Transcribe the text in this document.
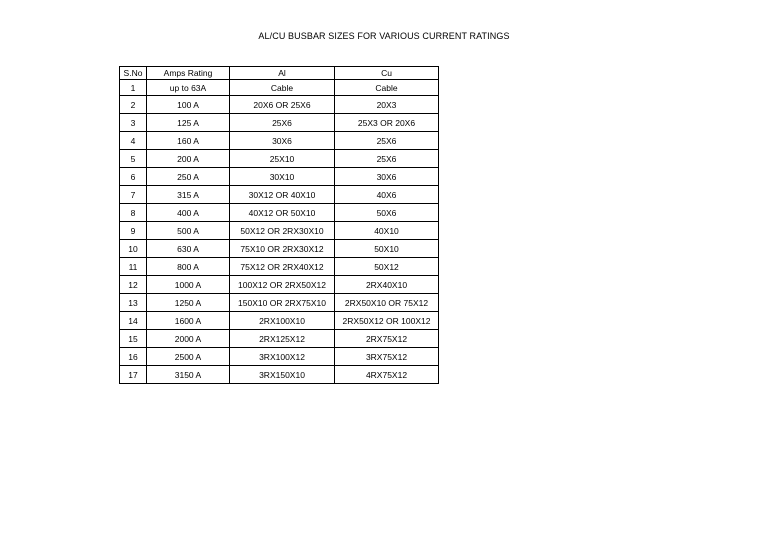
AL/CU BUSBAR SIZES FOR VARIOUS CURRENT RATINGS
S.No	Amps Rating	Al	Cu
1	up to 63A	Cable	Cable
2	100 A	20X6 OR 25X6	20X3
3	125 A	25X6	25X3 OR 20X6
4	160 A	30X6	25X6
5	200 A	25X10	25X6
6	250 A	30X10	30X6
7	315 A	30X12 OR 40X10	40X6
8	400 A	40X12 OR 50X10	50X6
9	500 A	50X12 OR 2RX30X10	40X10
10	630 A	75X10 OR 2RX30X12	50X10
11	800 A	75X12 OR 2RX40X12	50X12
12	1000 A	100X12 OR 2RX50X12	2RX40X10
13	1250 A	150X10 OR 2RX75X10	2RX50X10 OR 75X12
14	1600 A	2RX100X10	2RX50X12 OR 100X12
15	2000 A	2RX125X12	2RX75X12
16	2500 A	3RX100X12	3RX75X12
17	3150 A	3RX150X10	4RX75X12
